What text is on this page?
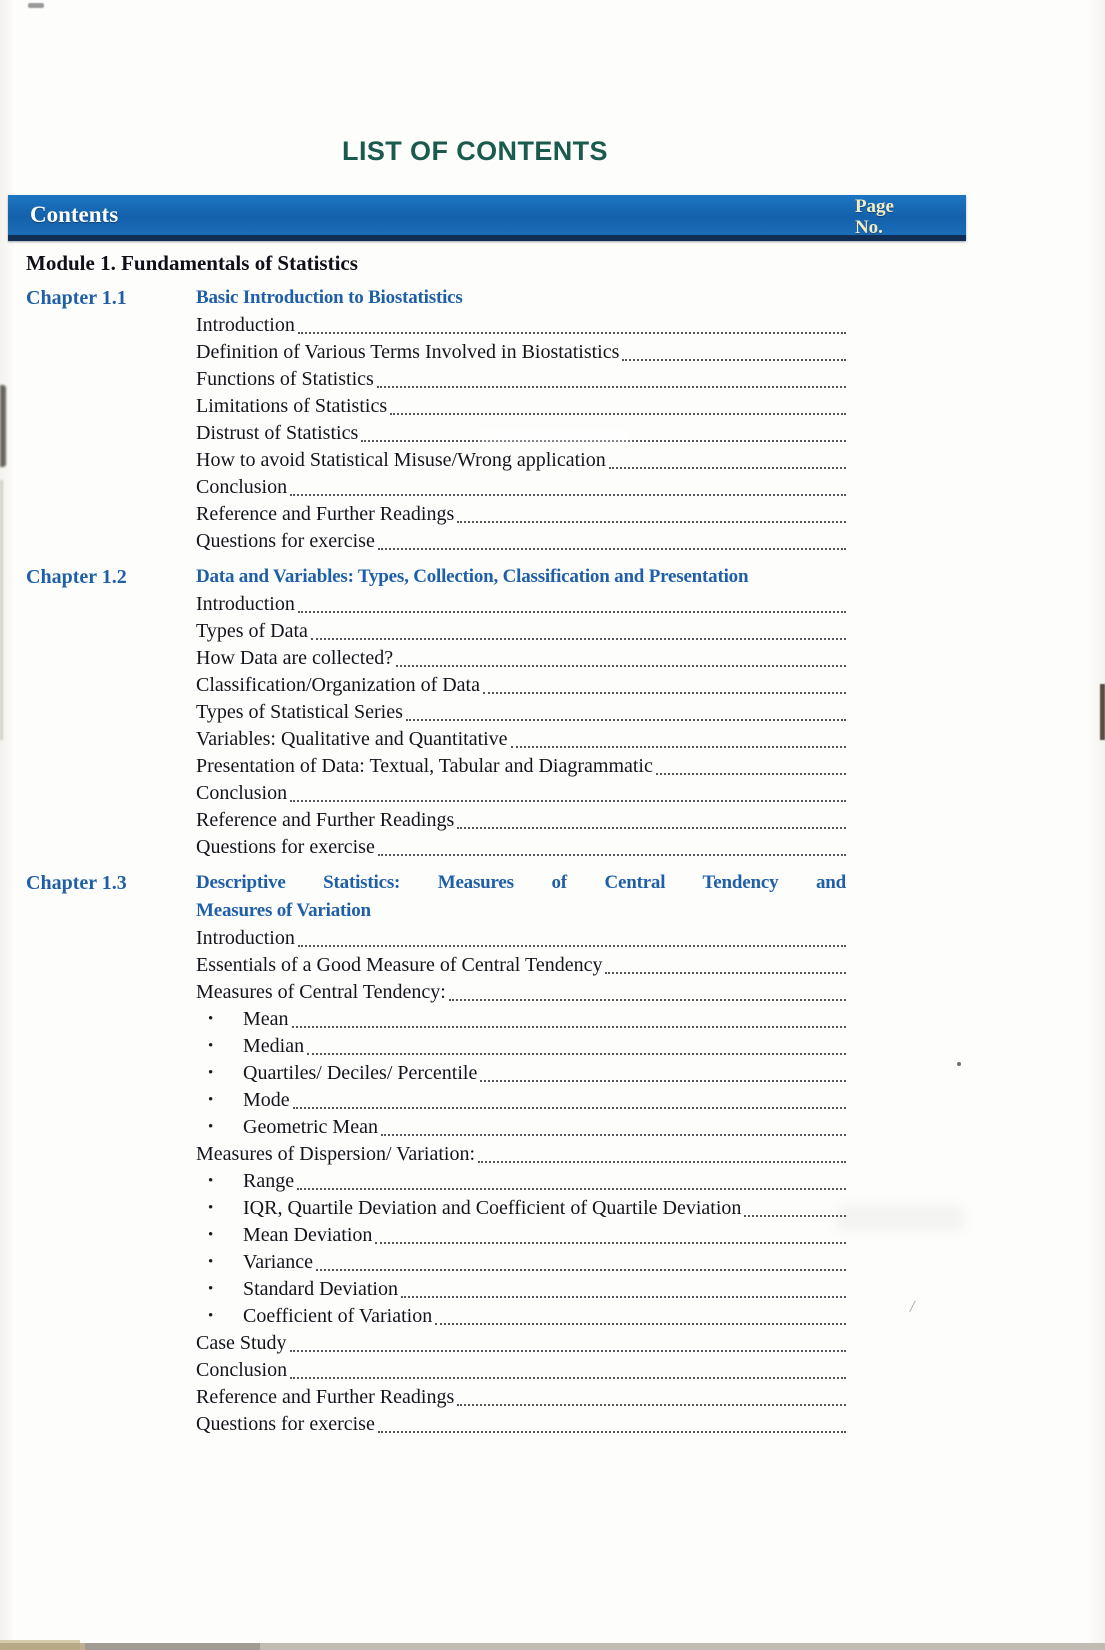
LIST OF CONTENTS
Contents	Page
No.
Module 1. Fundamentals of Statistics
Chapter 1.1	Basic Introduction to Biostatistics
Introduction
Definition of Various Terms Involved in Biostatistics
Functions of Statistics
Limitations of Statistics
Distrust of Statistics
How to avoid Statistical Misuse/Wrong application
Conclusion
Reference and Further Readings
Questions for exercise
Chapter 1.2	Data and Variables: Types, Collection, Classification and Presentation
Introduction
Types of Data
How Data are collected?
Classification/Organization of Data
Types of Statistical Series
Variables: Qualitative and Quantitative
Presentation of Data: Textual, Tabular and Diagrammatic
Conclusion
Reference and Further Readings
Questions for exercise
Chapter 1.3	Descriptive Statistics: Measures of Central Tendency and
Measures of Variation
Introduction
Essentials of a Good Measure of Central Tendency
Measures of Central Tendency:
•	Mean
•	Median
•	Quartiles/ Deciles/ Percentile
•	Mode
•	Geometric Mean
Measures of Dispersion/ Variation:
•	Range
•	IQR, Quartile Deviation and Coefficient of Quartile Deviation
•	Mean Deviation
•	Variance
•	Standard Deviation
•	Coefficient of Variation
Case Study
Conclusion
Reference and Further Readings
Questions for exercise
/
